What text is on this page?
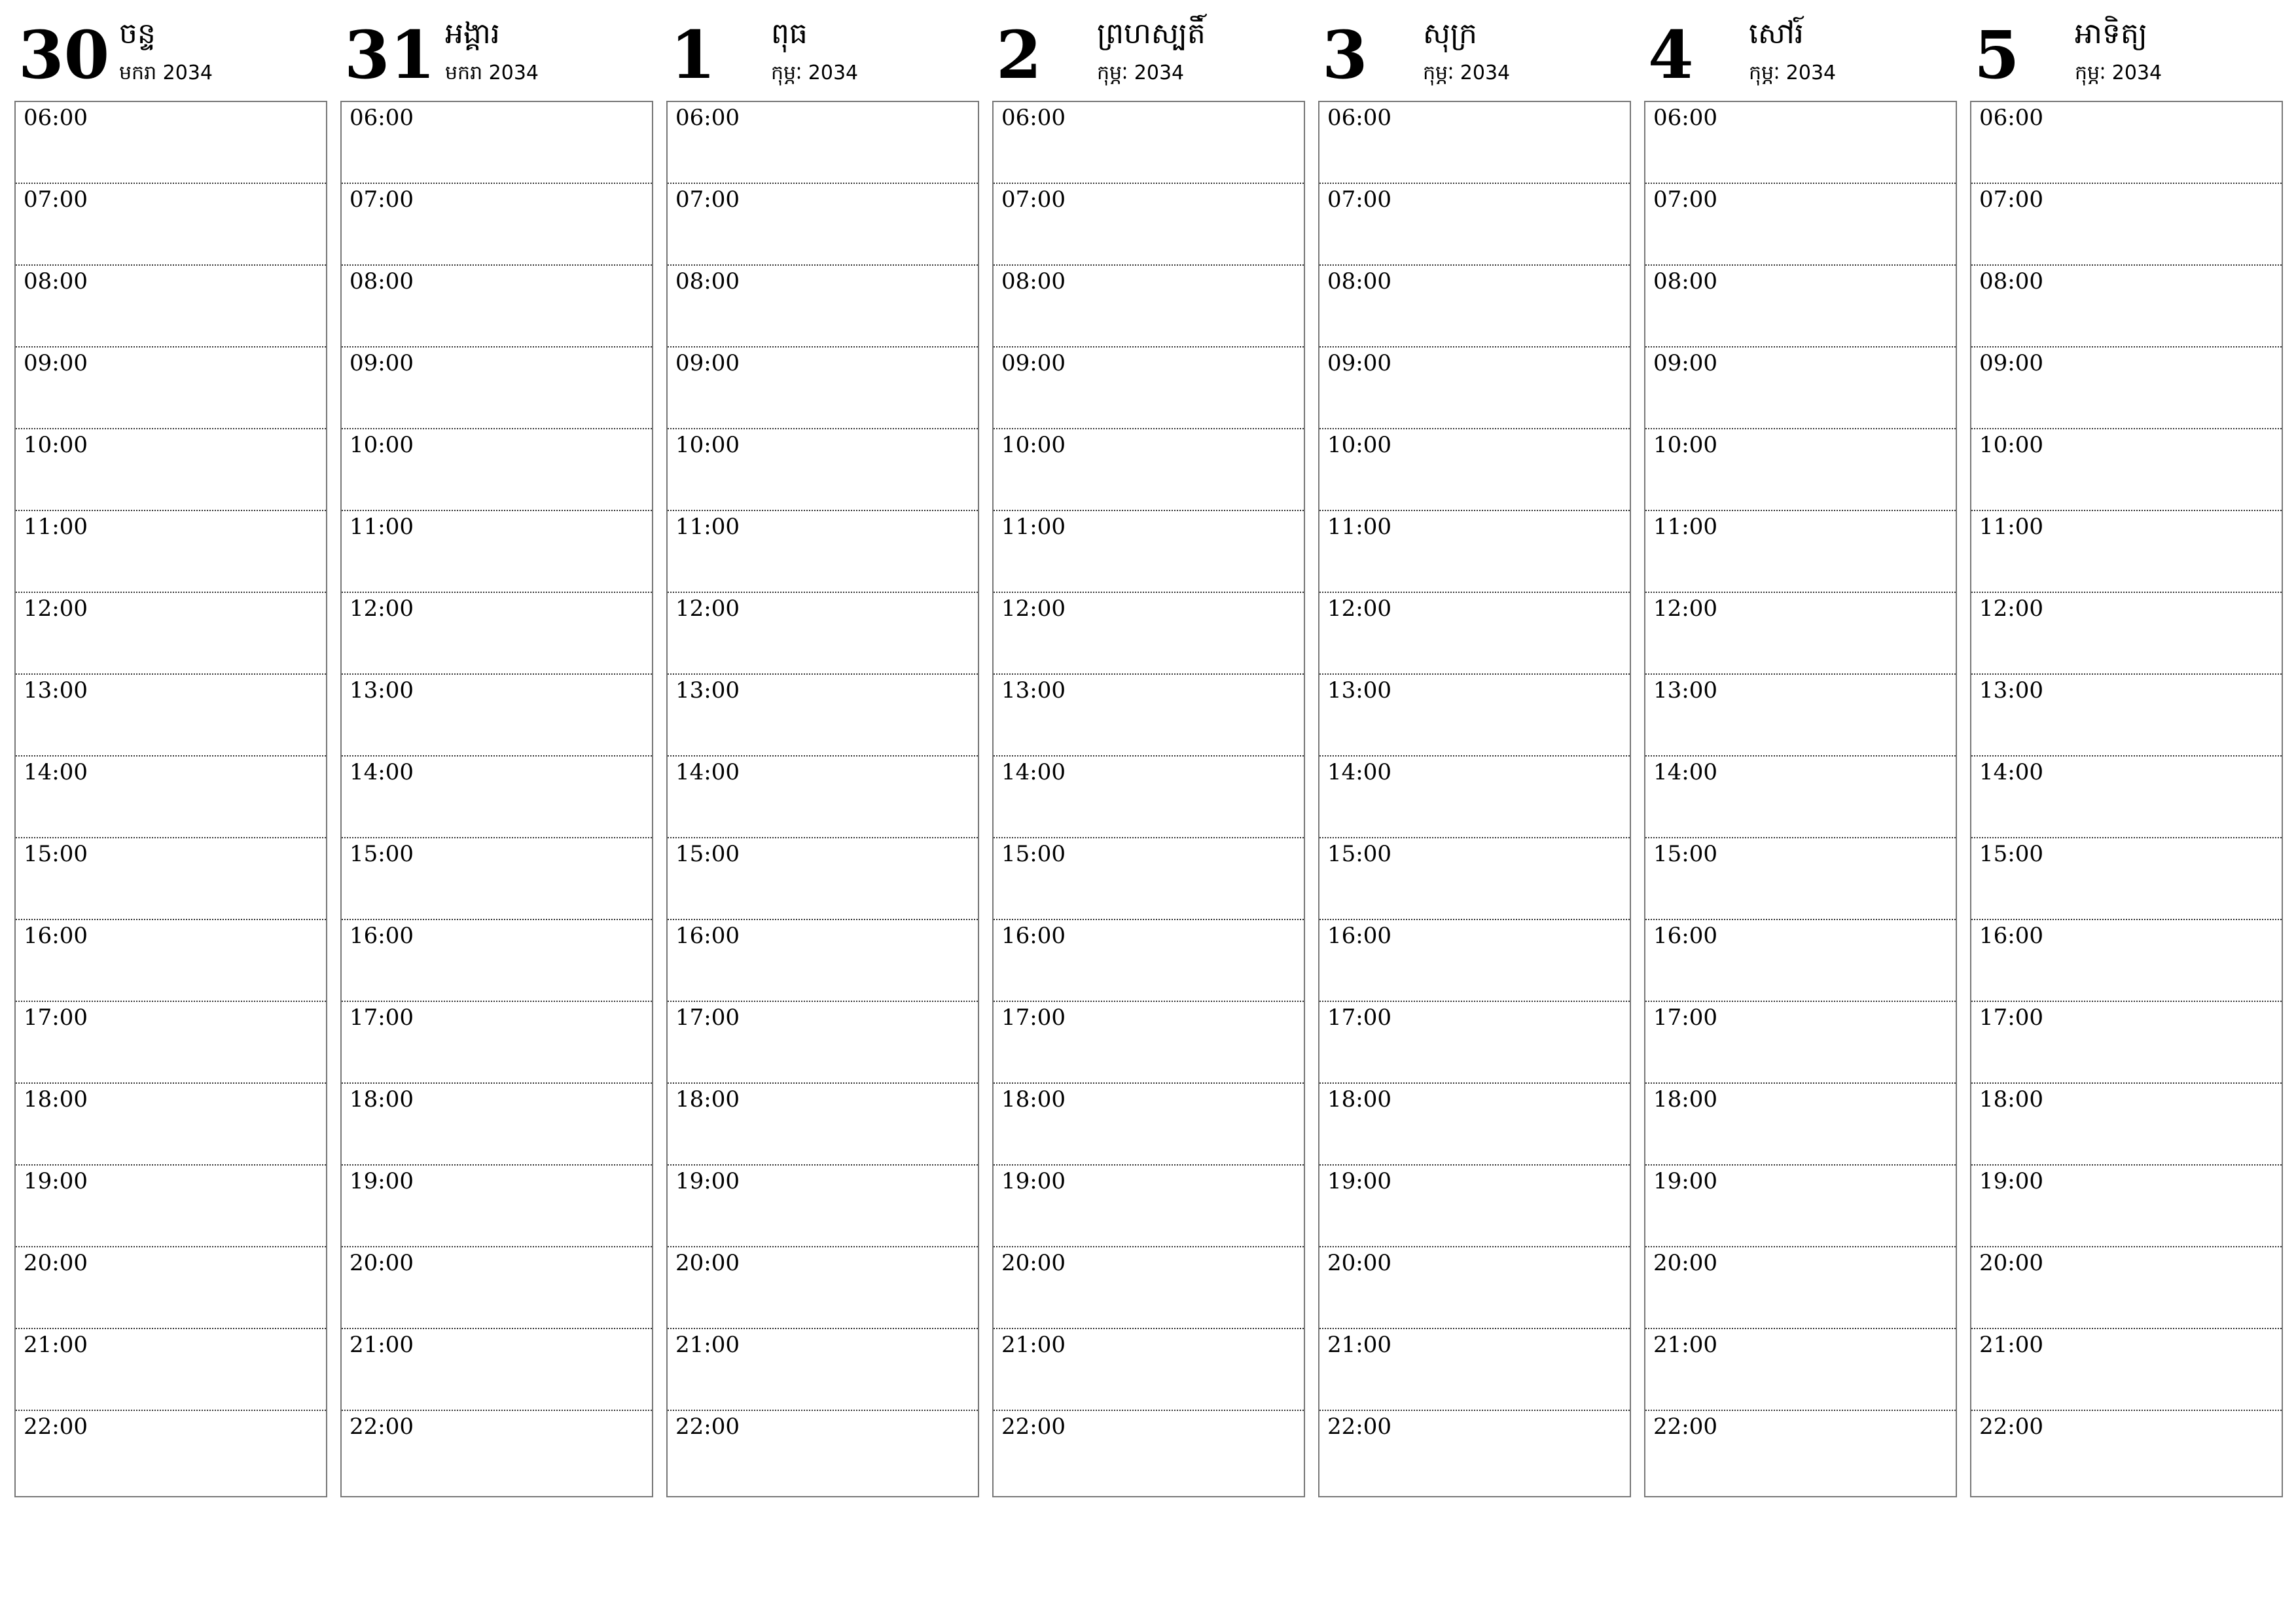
30 ចន្ទ
មករា 2034
06:00
07:00
08:00
09:00
10:00
11:00
12:00
13:00
14:00
15:00
16:00
17:00
18:00
19:00
20:00
21:00
22:00
31 អង្គារ
មករា 2034
06:00
07:00
08:00
09:00
10:00
11:00
12:00
13:00
14:00
15:00
16:00
17:00
18:00
19:00
20:00
21:00
22:00
1 ពុធ
កុម្ភៈ 2034
06:00
07:00
08:00
09:00
10:00
11:00
12:00
13:00
14:00
15:00
16:00
17:00
18:00
19:00
20:00
21:00
22:00
2 ព្រហស្បតិ៍
កុម្ភៈ 2034
06:00
07:00
08:00
09:00
10:00
11:00
12:00
13:00
14:00
15:00
16:00
17:00
18:00
19:00
20:00
21:00
22:00
3 សុក្រ
កុម្ភៈ 2034
06:00
07:00
08:00
09:00
10:00
11:00
12:00
13:00
14:00
15:00
16:00
17:00
18:00
19:00
20:00
21:00
22:00
4 សៅរ៍
កុម្ភៈ 2034
06:00
07:00
08:00
09:00
10:00
11:00
12:00
13:00
14:00
15:00
16:00
17:00
18:00
19:00
20:00
21:00
22:00
5 អាទិត្យ
កុម្ភៈ 2034
06:00
07:00
08:00
09:00
10:00
11:00
12:00
13:00
14:00
15:00
16:00
17:00
18:00
19:00
20:00
21:00
22:00
